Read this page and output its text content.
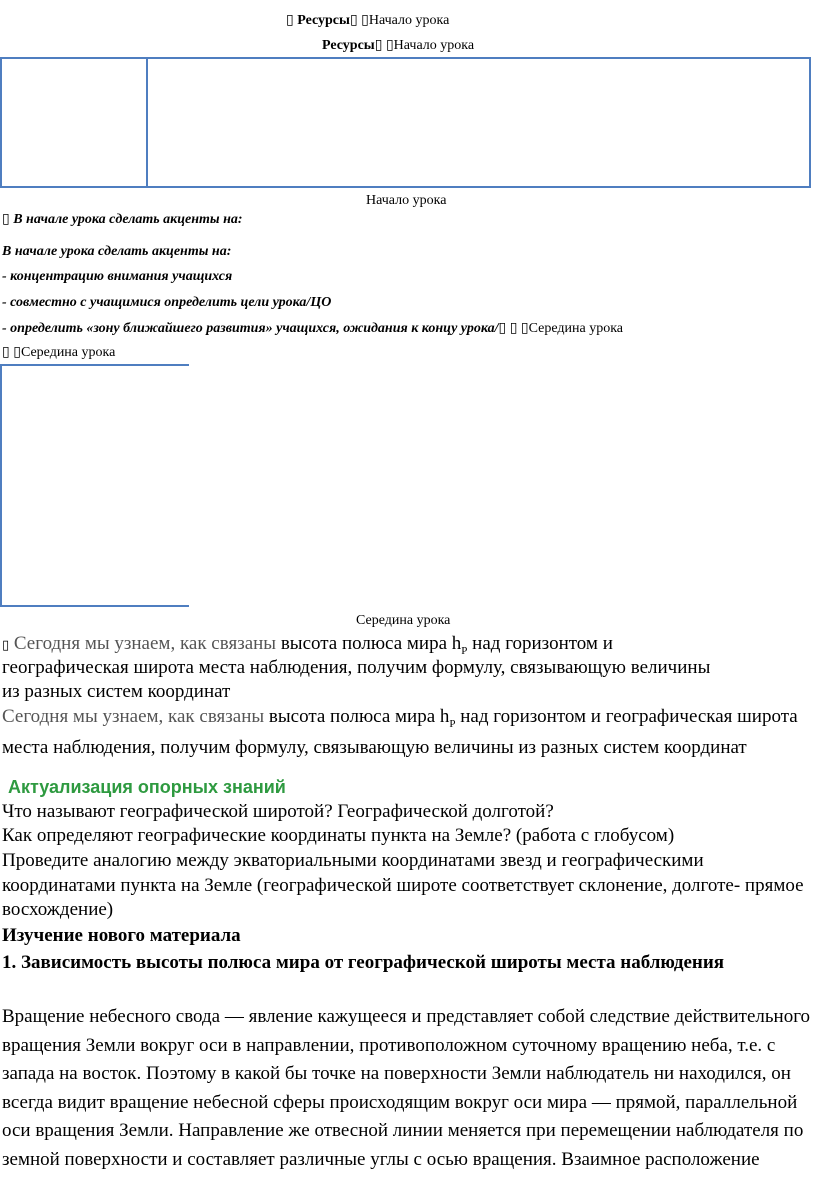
▯ Ресурсы▯ ▯Начало урока
Ресурсы▯ ▯Начало урока
Начало урока
▯ В начале урока сделать акценты на:
В начале урока сделать акценты на:
- концентрацию внимания учащихся
- совместно с учащимися определить цели урока/ЦО
- определить «зону ближайшего развития» учащихся, ожидания к концу урока/▯ ▯ ▯Середина урока
▯ ▯Середина урока
Середина урока
▯ Сегодня мы узнаем, как связаны высота полюса мира $h_P$ над горизонтом и
географическая широта места наблюдения, получим формулу, связывающую величины
из разных систем координат
Сегодня мы узнаем, как связаны высота полюса мира $h_P$ над горизонтом и географическая широта места наблюдения, получим формулу, связывающую величины из разных систем координат
Актуализация опорных знаний
Что называют географической широтой? Географической долготой?
Как определяют географические координаты пункта на Земле? (работа с глобусом)
Проведите аналогию между экваториальными координатами звезд и географическими координатами пункта на Земле (географической широте соответствует склонение, долготе- прямое восхождение)
Изучение нового материала
1. Зависимость высоты полюса мира от географической широты места наблюдения
Вращение небесного свода — явление кажущееся и представляет собой следствие действительного вращения Земли вокруг оси в направлении, противоположном суточному вращению неба, т.е. с запада на восток. Поэтому в какой бы точке на поверхности Земли наблюдатель ни находился, он всегда видит вращение небесной сферы происходящим вокруг оси мира — прямой, параллельной оси вращения Земли. Направление же отвесной линии меняется при перемещении наблюдателя по земной поверхности и составляет различные углы с осью вращения. Взаимное расположение
